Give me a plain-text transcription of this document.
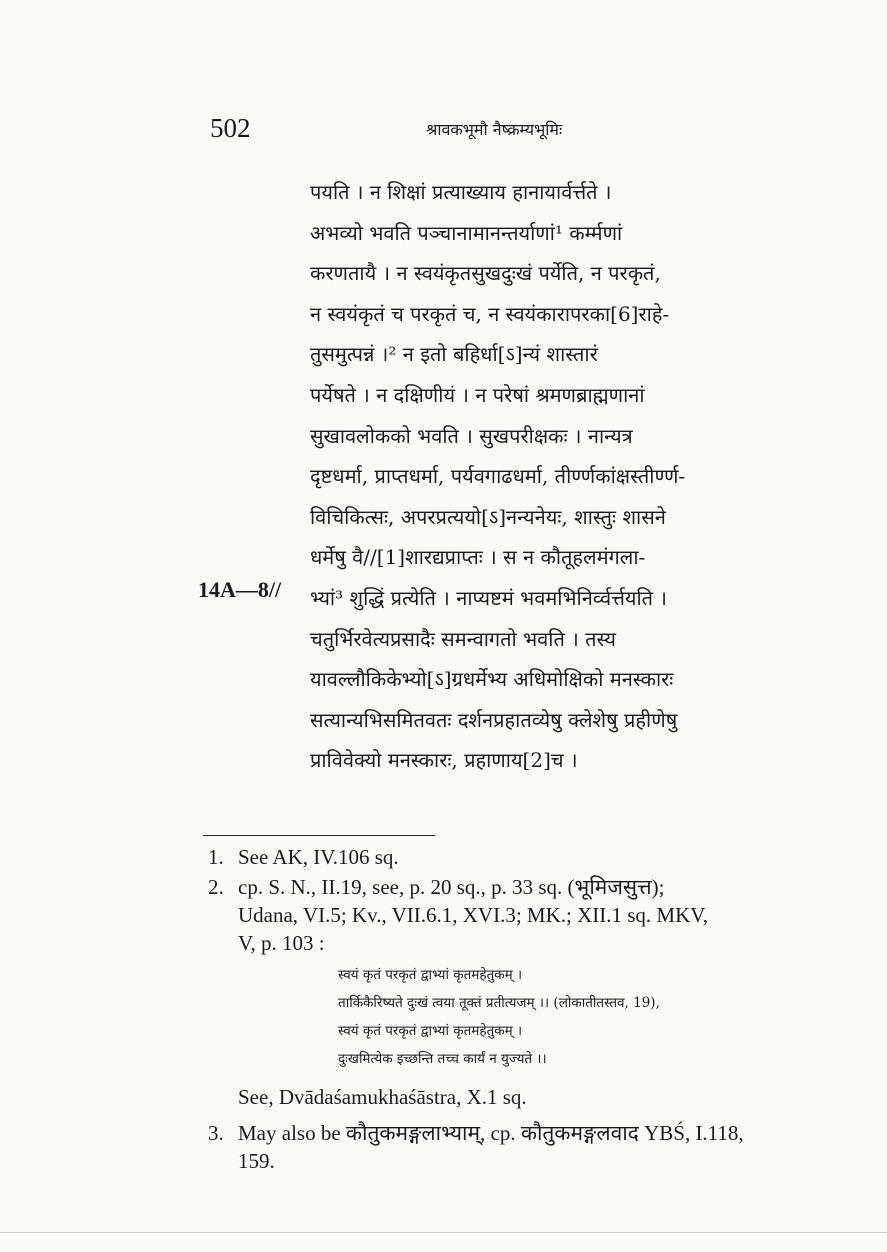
502	श्रावकभूमौ नैष्क्रम्यभूमिः
14A—8//
पयति । न शिक्षां प्रत्याख्याय हानायार्वर्त्तते ।
अभव्यो भवति पञ्चानामानन्तर्याणां¹ कर्म्मणां
करणतायै । न स्वयंकृतसुखदुःखं पर्येति, न परकृतं,
न स्वयंकृतं च परकृतं च, न स्वयंकारापरका[6]राहे-
तुसमुत्पन्नं ।² न इतो बहिर्धा[ऽ]न्यं शास्तारं
पर्येषते । न दक्षिणीयं । न परेषां श्रमणब्राह्मणानां
सुखावलोकको भवति । सुखपरीक्षकः । नान्यत्र
दृष्टधर्मा, प्राप्तधर्मा, पर्यवगाढधर्मा, तीर्ण्णकांक्षस्तीर्ण्ण-
विचिकित्सः, अपरप्रत्ययो[ऽ]नन्यनेयः, शास्तुः शासने
धर्मेषु वै//[1]शारद्यप्राप्तः । स न कौतूहलमंगला-
भ्यां³ शुद्धिं प्रत्येति । नाप्यष्टमं भवमभिनिर्व्वर्त्तयति ।
चतुर्भिरवेत्यप्रसादैः समन्वागतो भवति । तस्य
यावल्लौकिकेभ्यो[ऽ]ग्रधर्मेभ्य अधिमोक्षिको मनस्कारः
सत्यान्यभिसमितवतः दर्शनप्रहातव्येषु क्लेशेषु प्रहीणेषु
प्राविवेक्यो मनस्कारः, प्रहाणाय[2]च ।
1. See AK, IV.106 sq.
2. cp. S. N., II.19, see, p. 20 sq., p. 33 sq. (भूमिजसुत्त);
Udana, VI.5; Kv., VII.6.1, XVI.3; MK.; XII.1 sq. MKV,
V, p. 103 :
स्वयं कृतं परकृतं द्वाभ्यां कृतमहेतुकम् ।
तार्किकैरिष्यते दुःखं त्वया तूक्तं प्रतीत्यजम् ।। (लोकातीतस्तव, 19),
स्वयं कृतं परकृतं द्वाभ्यां कृतमहेतुकम् ।
दुःखमित्येक इच्छन्ति तच्च कार्यं न युज्यते ।।
See, Dvādaśamukhaśāstra, X.1 sq.
3. May also be कौतुकमङ्गलाभ्याम्, cp. कौतुकमङ्गलवाद YBŚ, I.118,
159.
